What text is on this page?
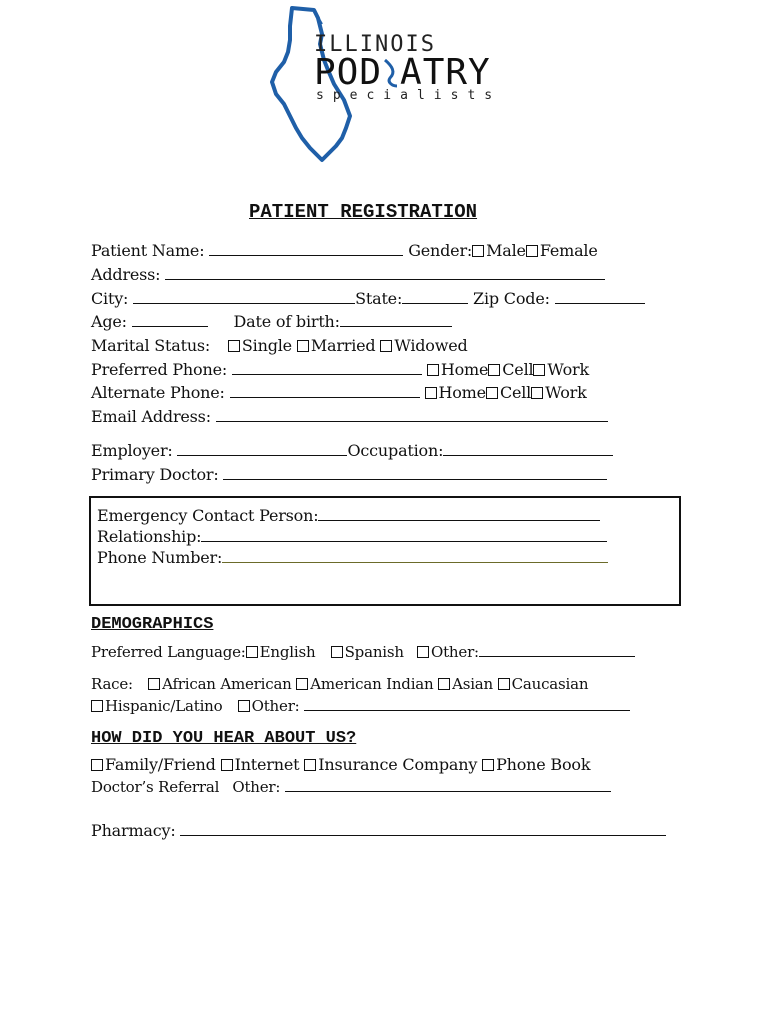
ILLINOIS
POD ATRY
specialists
PATIENT REGISTRATION
Patient Name:	Gender: Male Female
Address:
City:	State:	Zip Code:
Age:	Date of birth:
Marital Status: Single Married Widowed
Preferred Phone:	Home Cell Work
Alternate Phone:	Home Cell Work
Email Address:
Employer:	Occupation:
Primary Doctor:
Emergency Contact Person:
Relationship:
Phone Number:
DEMOGRAPHICS
Preferred Language: English Spanish Other:
Race: African American American Indian Asian Caucasian
Hispanic/Latino Other:
HOW DID YOU HEAR ABOUT US?
Family/Friend Internet Insurance Company Phone Book
Doctor’s Referral Other:
Pharmacy:
